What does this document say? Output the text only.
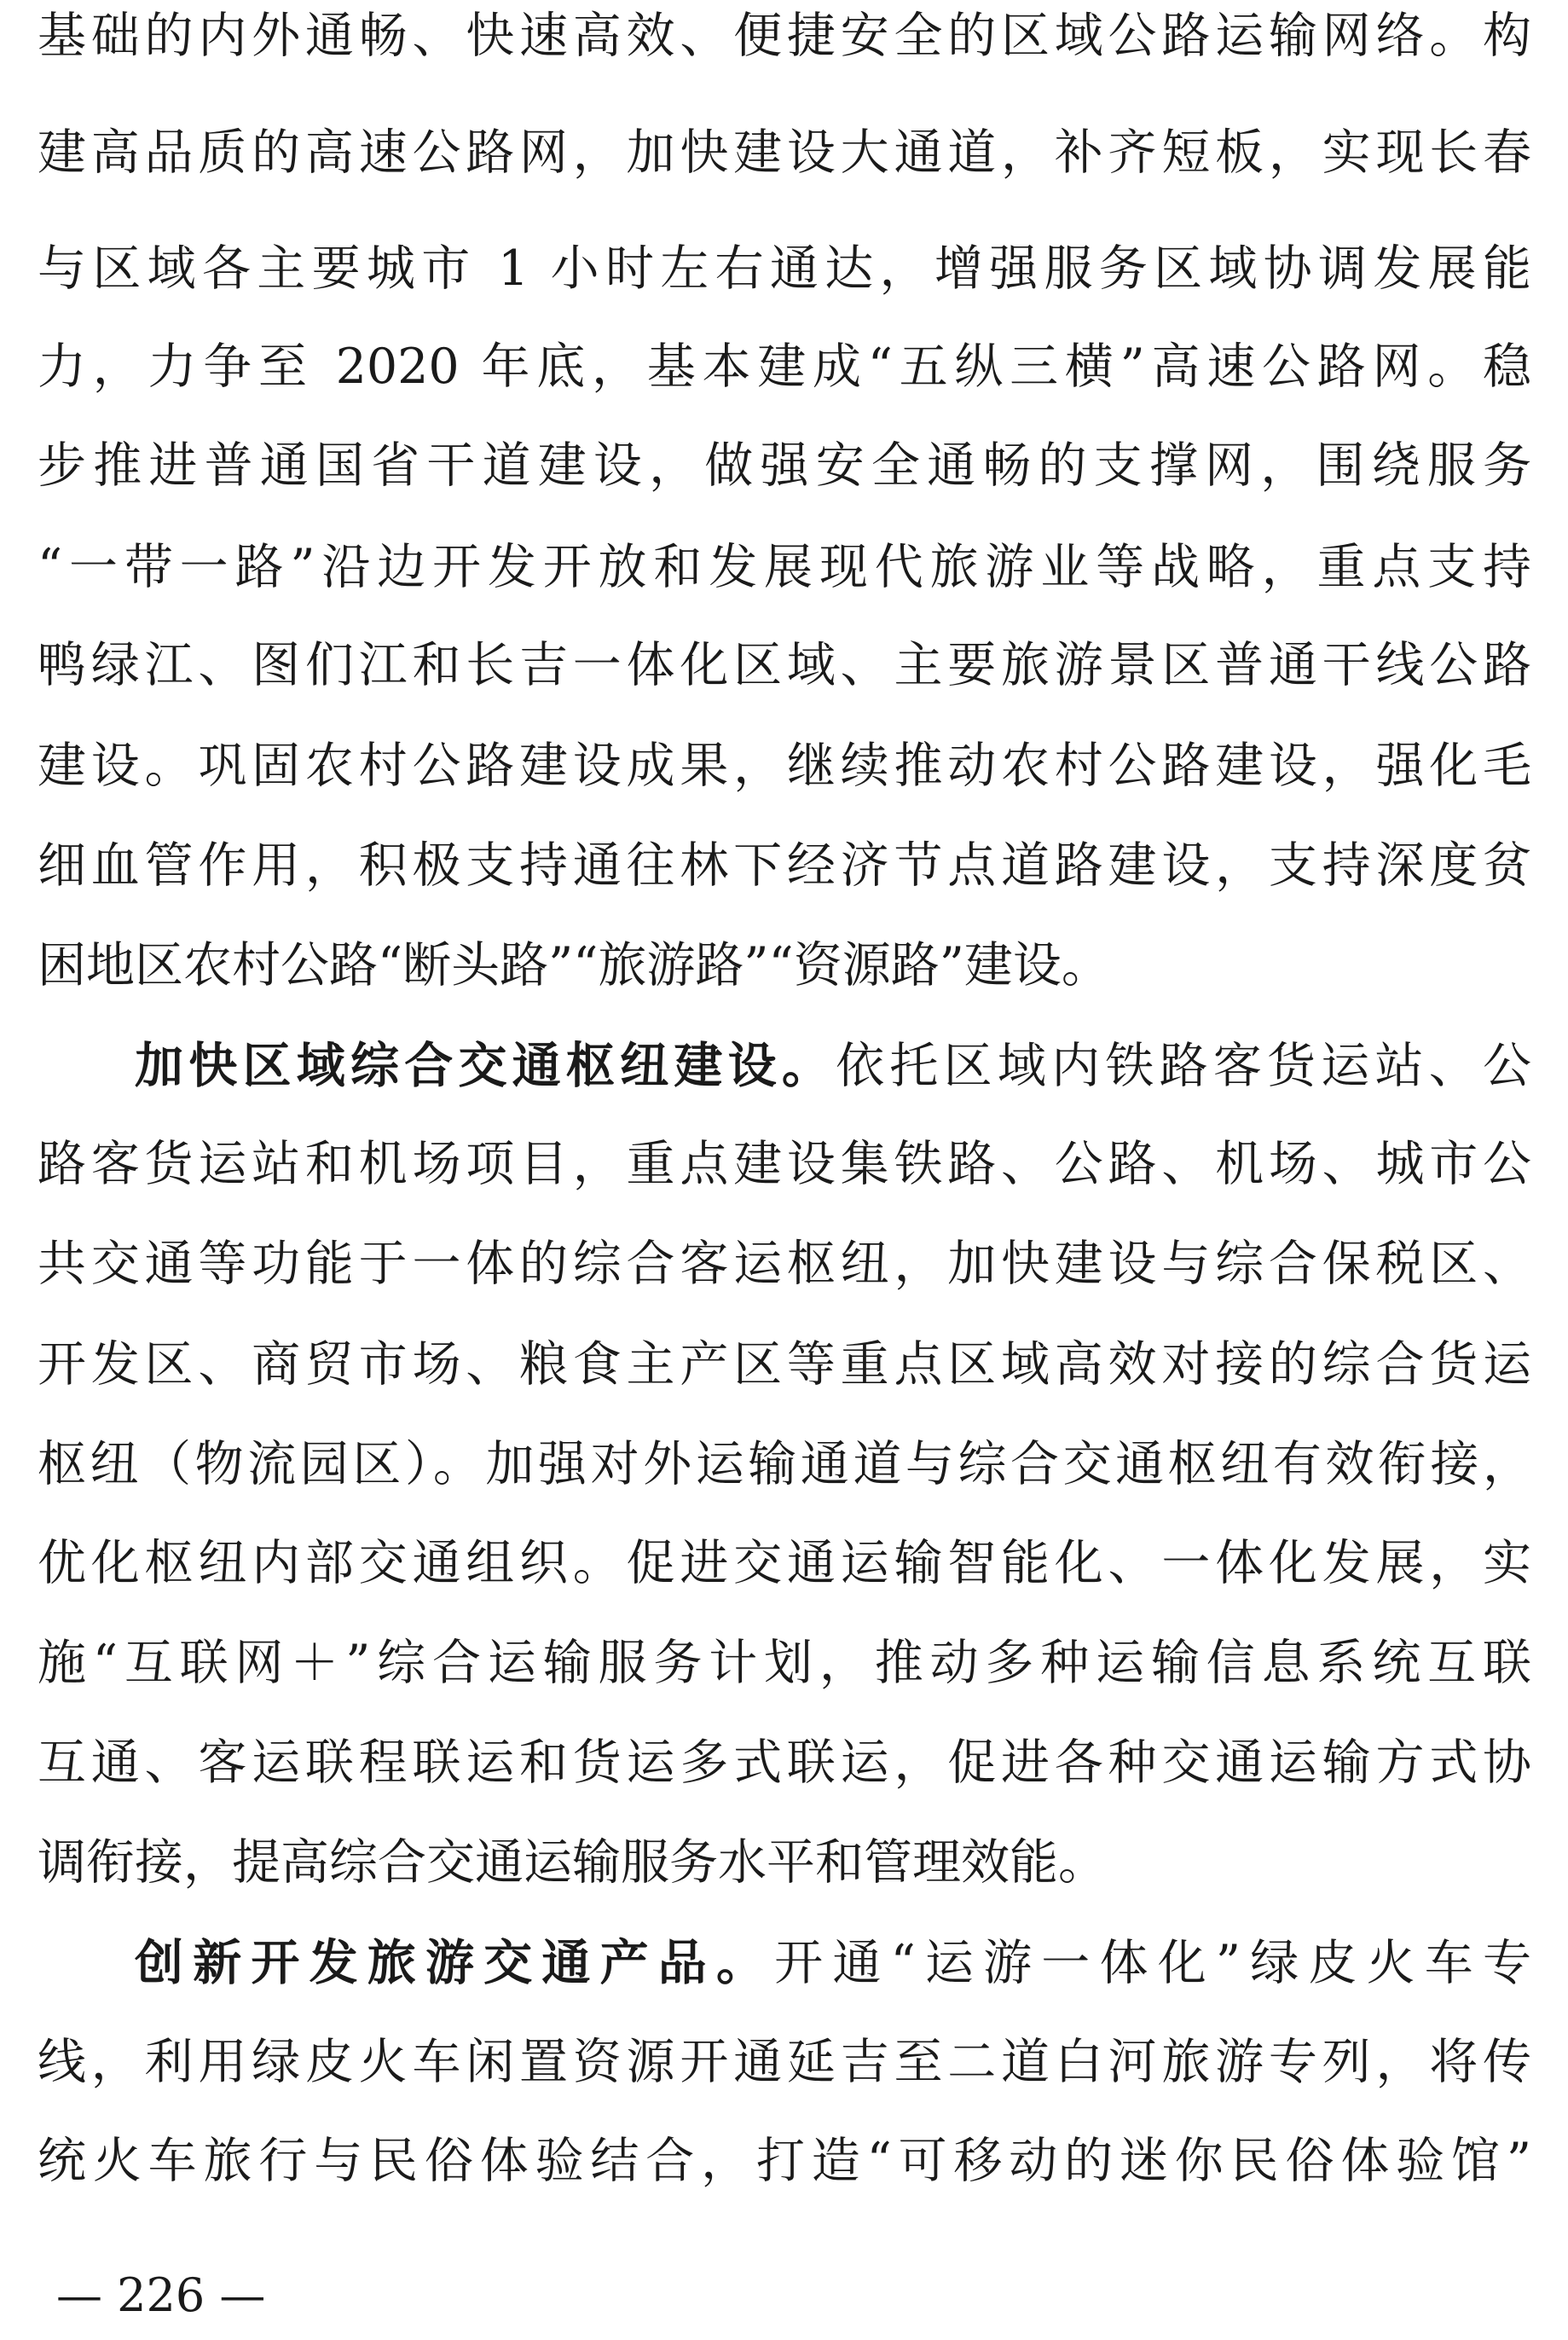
基础的内外通畅、快速高效、便捷安全的区域公路运输网络。构
建高品质的高速公路网，加快建设大通道，补齐短板，实现长春
与区域各主要城市 1 小时左右通达，增强服务区域协调发展能
力，力争至 2020 年底，基本建成“五纵三横”高速公路网。稳
步推进普通国省干道建设，做强安全通畅的支撑网，围绕服务
“一带一路”沿边开发开放和发展现代旅游业等战略，重点支持
鸭绿江、图们江和长吉一体化区域、主要旅游景区普通干线公路
建设。巩固农村公路建设成果，继续推动农村公路建设，强化毛
细血管作用，积极支持通往林下经济节点道路建设，支持深度贫
困地区农村公路“断头路”“旅游路”“资源路”建设。
加快区域综合交通枢纽建设。依托区域内铁路客货运站、公
路客货运站和机场项目，重点建设集铁路、公路、机场、城市公
共交通等功能于一体的综合客运枢纽，加快建设与综合保税区、
开发区、商贸市场、粮食主产区等重点区域高效对接的综合货运
枢纽（物流园区）。加强对外运输通道与综合交通枢纽有效衔接，
优化枢纽内部交通组织。促进交通运输智能化、一体化发展，实
施“互联网＋”综合运输服务计划，推动多种运输信息系统互联
互通、客运联程联运和货运多式联运，促进各种交通运输方式协
调衔接，提高综合交通运输服务水平和管理效能。
创新开发旅游交通产品。开通“运游一体化”绿皮火车专
线，利用绿皮火车闲置资源开通延吉至二道白河旅游专列，将传
统火车旅行与民俗体验结合，打造“可移动的迷你民俗体验馆”
— 226 —
